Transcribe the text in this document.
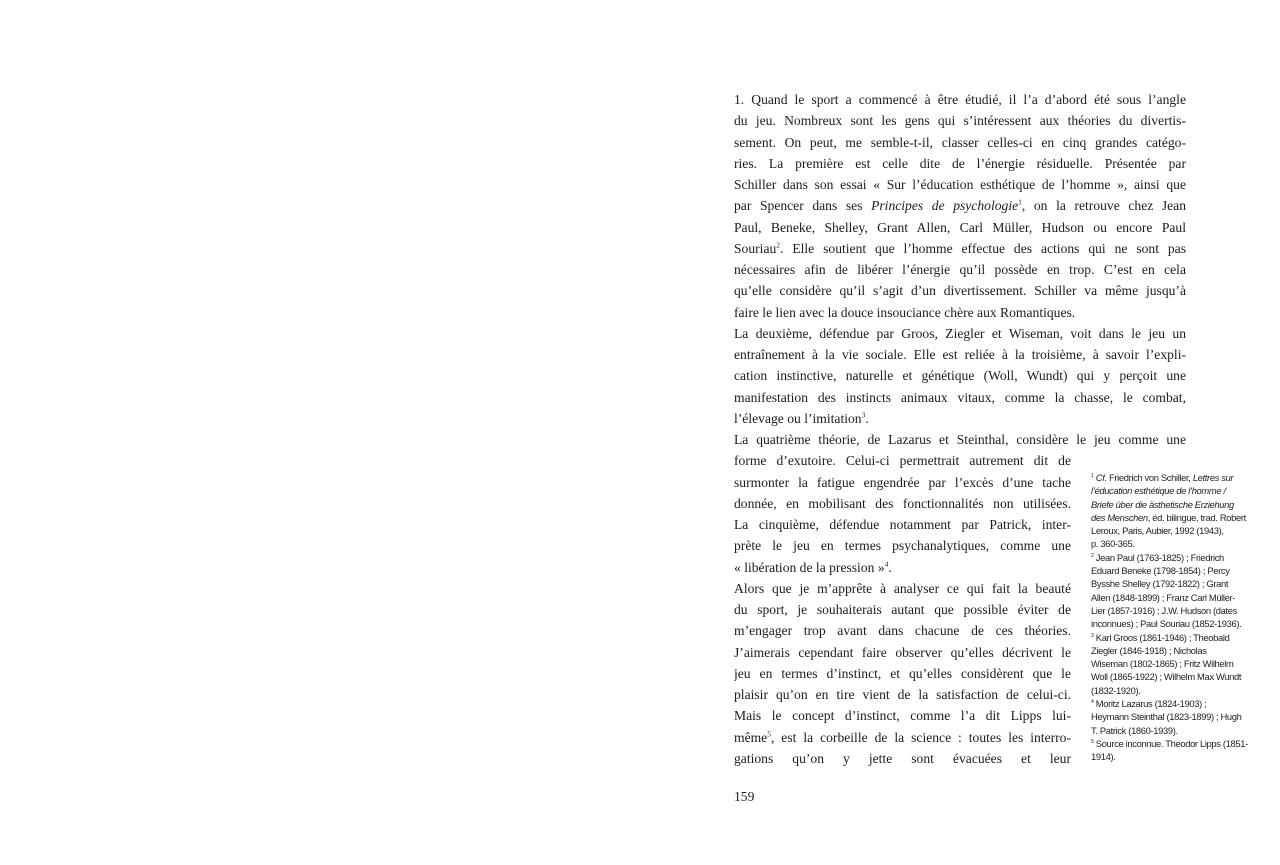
1. Quand le sport a commencé à être étudié, il l’a d’abord été sous l’angle
du jeu. Nombreux sont les gens qui s’intéressent aux théories du divertis-
sement. On peut, me semble-t-il, classer celles-ci en cinq grandes catégo-
ries. La première est celle dite de l’énergie résiduelle. Présentée par
Schiller dans son essai « Sur l’éducation esthétique de l’homme », ainsi que
par Spencer dans ses Principes de psychologie$^1$, on la retrouve chez Jean
Paul, Beneke, Shelley, Grant Allen, Carl Müller, Hudson ou encore Paul
Souriau$^2$. Elle soutient que l’homme effectue des actions qui ne sont pas
nécessaires afin de libérer l’énergie qu’il possède en trop. C’est en cela
qu’elle considère qu’il s’agit d’un divertissement. Schiller va même jusqu’à
faire le lien avec la douce insouciance chère aux Romantiques.
La deuxième, défendue par Groos, Ziegler et Wiseman, voit dans le jeu un
entraînement à la vie sociale. Elle est reliée à la troisième, à savoir l’expli-
cation instinctive, naturelle et génétique (Woll, Wundt) qui y perçoit une
manifestation des instincts animaux vitaux, comme la chasse, le combat,
l’élevage ou l’imitation$^3$.
La quatrième théorie, de Lazarus et Steinthal, considère le jeu comme une
forme d’exutoire. Celui-ci permettrait autrement dit de
surmonter la fatigue engendrée par l’excès d’une tache
donnée, en mobilisant des fonctionnalités non utilisées.
La cinquième, défendue notamment par Patrick, inter-
prète le jeu en termes psychanalytiques, comme une
« libération de la pression »$^4$.
Alors que je m’apprête à analyser ce qui fait la beauté
du sport, je souhaiterais autant que possible éviter de
m’engager trop avant dans chacune de ces théories.
J’aimerais cependant faire observer qu’elles décrivent le
jeu en termes d’instinct, et qu’elles considèrent que le
plaisir qu’on en tire vient de la satisfaction de celui-ci.
Mais le concept d’instinct, comme l’a dit Lipps lui-
même$^5$, est la corbeille de la science : toutes les interro-
gations qu’on y jette sont évacuées et leur
$^1$ Cf. Friedrich von Schiller, Lettres sur
l’éducation esthétique de l’homme /
Briefe über die ästhetische Erziehung
des Menschen, éd. bilingue, trad. Robert
Leroux, Paris, Aubier, 1992 (1943),
p. 360-365.
$^2$ Jean Paul (1763-1825) ; Friedrich
Eduard Beneke (1798-1854) ; Percy
Bysshe Shelley (1792-1822) ; Grant
Allen (1848-1899) ; Franz Carl Müller-
Lier (1857-1916) ; J.W. Hudson (dates
inconnues) ; Paul Souriau (1852-1936).
$^3$ Karl Groos (1861-1946) ; Theobald
Ziegler (1846-1918) ; Nicholas
Wiseman (1802-1865) ; Fritz Wilhelm
Woll (1865-1922) ; Wilhelm Max Wundt
(1832-1920).
$^4$ Moritz Lazarus (1824-1903) ;
Heymann Steinthal (1823-1899) ; Hugh
T. Patrick (1860-1939).
$^5$ Source inconnue. Theodor Lipps (1851-
1914).
159
